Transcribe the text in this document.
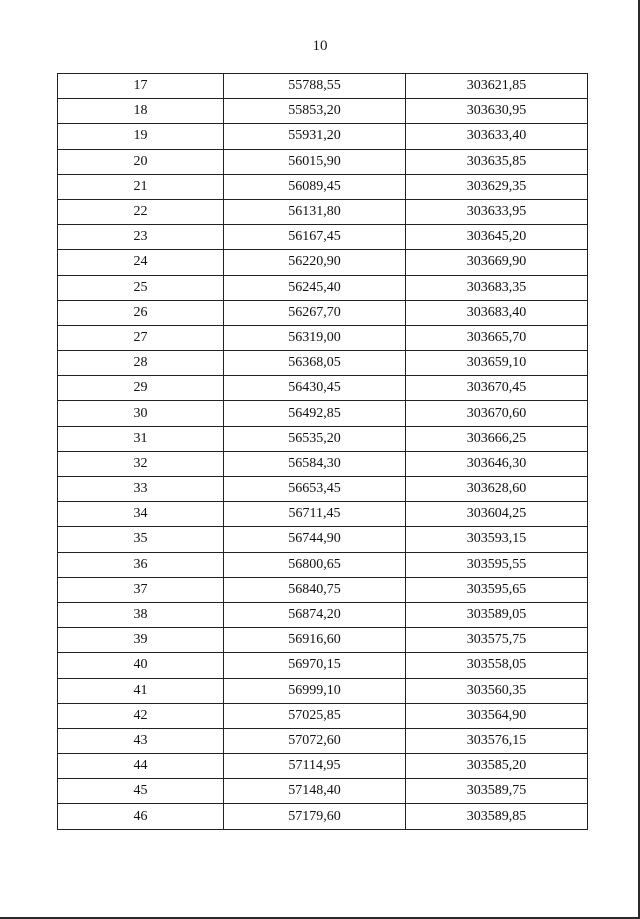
10
17	55788,55	303621,85
18	55853,20	303630,95
19	55931,20	303633,40
20	56015,90	303635,85
21	56089,45	303629,35
22	56131,80	303633,95
23	56167,45	303645,20
24	56220,90	303669,90
25	56245,40	303683,35
26	56267,70	303683,40
27	56319,00	303665,70
28	56368,05	303659,10
29	56430,45	303670,45
30	56492,85	303670,60
31	56535,20	303666,25
32	56584,30	303646,30
33	56653,45	303628,60
34	56711,45	303604,25
35	56744,90	303593,15
36	56800,65	303595,55
37	56840,75	303595,65
38	56874,20	303589,05
39	56916,60	303575,75
40	56970,15	303558,05
41	56999,10	303560,35
42	57025,85	303564,90
43	57072,60	303576,15
44	57114,95	303585,20
45	57148,40	303589,75
46	57179,60	303589,85
